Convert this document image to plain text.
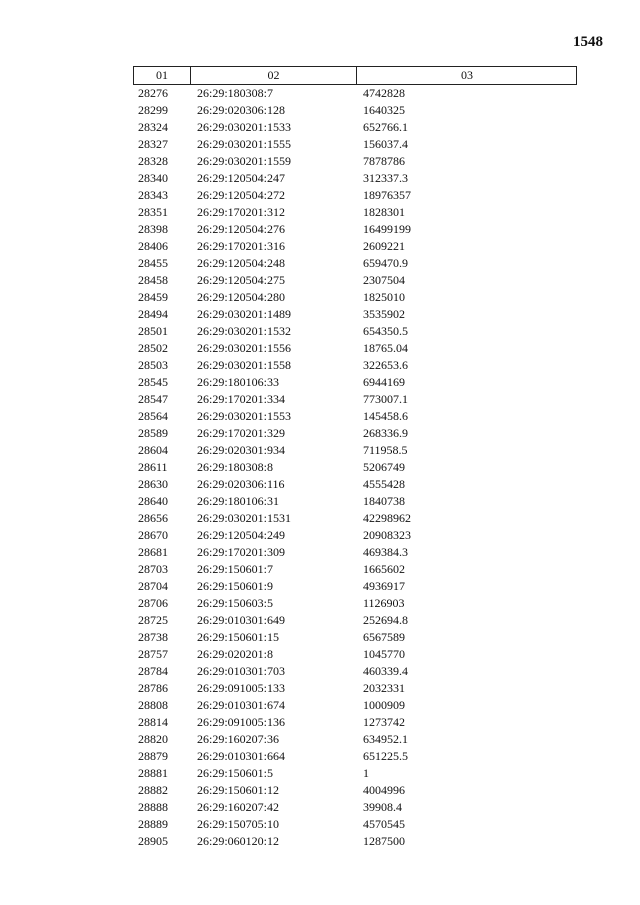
1548
01	02	03
28276 26:29:180308:7	4742828
28299 26:29:020306:128	1640325
28324 26:29:030201:1533	652766.1
28327 26:29:030201:1555	156037.4
28328 26:29:030201:1559	7878786
28340 26:29:120504:247	312337.3
28343 26:29:120504:272	18976357
28351 26:29:170201:312	1828301
28398 26:29:120504:276	16499199
28406 26:29:170201:316	2609221
28455 26:29:120504:248	659470.9
28458 26:29:120504:275	2307504
28459 26:29:120504:280	1825010
28494 26:29:030201:1489	3535902
28501 26:29:030201:1532	654350.5
28502 26:29:030201:1556	18765.04
28503 26:29:030201:1558	322653.6
28545 26:29:180106:33	6944169
28547 26:29:170201:334	773007.1
28564 26:29:030201:1553	145458.6
28589 26:29:170201:329	268336.9
28604 26:29:020301:934	711958.5
28611 26:29:180308:8	5206749
28630 26:29:020306:116	4555428
28640 26:29:180106:31	1840738
28656 26:29:030201:1531	42298962
28670 26:29:120504:249	20908323
28681 26:29:170201:309	469384.3
28703 26:29:150601:7	1665602
28704 26:29:150601:9	4936917
28706 26:29:150603:5	1126903
28725 26:29:010301:649	252694.8
28738 26:29:150601:15	6567589
28757 26:29:020201:8	1045770
28784 26:29:010301:703	460339.4
28786 26:29:091005:133	2032331
28808 26:29:010301:674	1000909
28814 26:29:091005:136	1273742
28820 26:29:160207:36	634952.1
28879 26:29:010301:664	651225.5
28881 26:29:150601:5	1
28882 26:29:150601:12	4004996
28888 26:29:160207:42	39908.4
28889 26:29:150705:10	4570545
28905 26:29:060120:12	1287500
